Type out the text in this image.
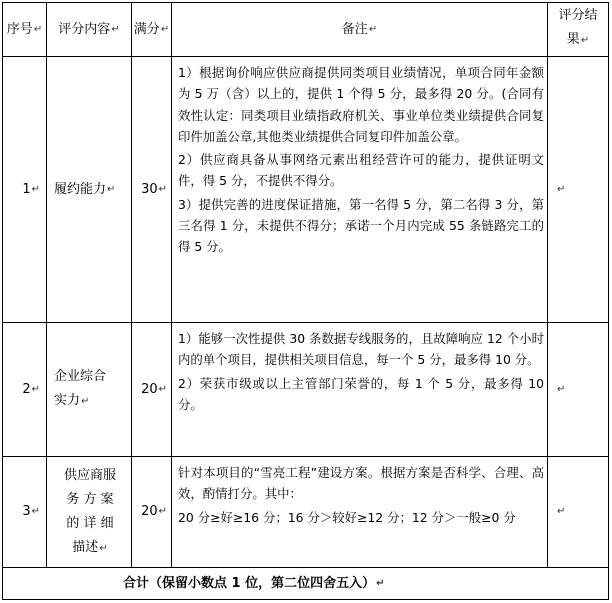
序号 ↵ 评分内容 ↵ 满分 ↵	备注 ↵
评分结
果↵
1 ↵ 履约能力 ↵ 30 ↵

1）根据询价响应供应商提供同类项目业绩情况，单项合同年金额为 5 万（含）以上的，提供 1 个得 5 分，最多得 20 分。(合同有效性认定：同类项目业绩指政府机关、事业单位类业绩提供合同复印件加盖公章,其他类业绩提供合同复印件加盖公章。

2）供应商具备从事网络元素出租经营许可的能力，提供证明文件，得 5 分，不提供不得分。

3）提供完善的进度保证措施，第一名得 5 分，第二名得 3 分，第三名得 1 分，未提供不得分；承诺一个月内完成 55 条链路完工的得 5 分。

↵
2 ↵
企业综合
实力↵
20 ↵

1）能够一次性提供 30 条数据专线服务的，且故障响应 12 个小时内的单个项目，提供相关项目信息，每一个 5 分，最多得 10 分。

2）荣获市级或以上主管部门荣誉的，每 1 个 5 分，最多得 10 分。

↵
3 ↵
供应商服
务 方 案
的 详 细
描述↵
20 ↵

针对本项目的“雪亮工程”建设方案。根据方案是否科学、合理、高效，酌情打分。其中：

20 分≥好≥16 分；16 分＞较好≥12 分；12 分＞一般≥0 分	↵
合计（保留小数点 1 位，第二位四舍五入） ↵
